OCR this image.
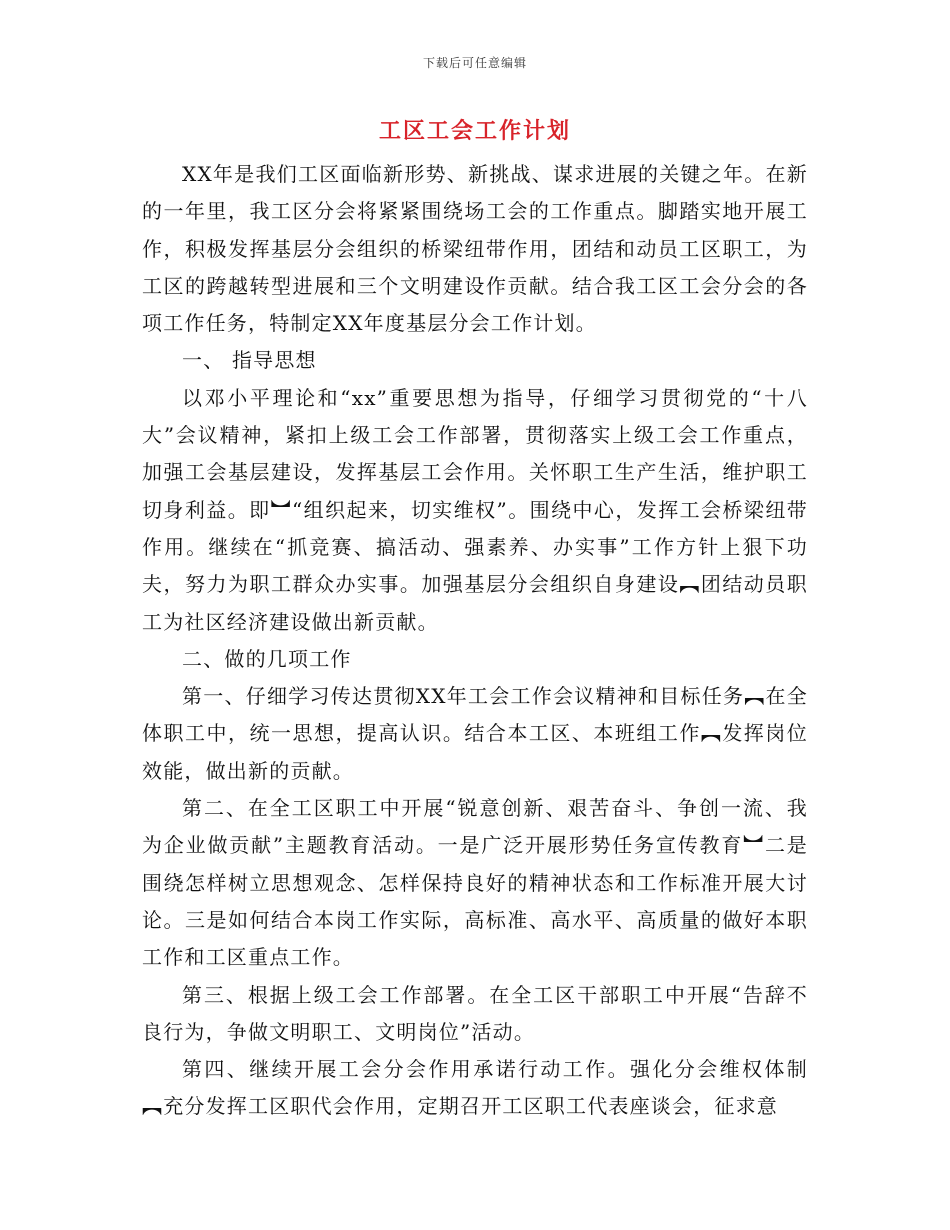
下载后可任意编辑
工区工会工作计划

XX年是我们工区面临新形势、新挑战、谋求进展的关键之年。在新的一年里，我工区分会将紧紧围绕场工会的工作重点。脚踏实地开展工作，积极发挥基层分会组织的桥梁纽带作用，团结和动员工区职工，为工区的跨越转型进展和三个文明建设作贡献。结合我工区工会分会的各项工作任务，特制定XX年度基层分会工作计划。

一、 指导思想

以邓小平理论和“xx”重要思想为指导，仔细学习贯彻党的“十八大”会议精神，紧扣上级工会工作部署，贯彻落实上级工会工作重点，加强工会基层建设，发挥基层工会作用。关怀职工生产生活，维护职工切身利益。即︼“组织起来，切实维权”。围绕中心，发挥工会桥梁纽带作用。继续在“抓竞赛、搞活动、强素养、办实事”工作方针上狠下功夫，努力为职工群众办实事。加强基层分会组织自身建设︻团结动员职工为社区经济建设做出新贡献。

二、做的几项工作

第一、仔细学习传达贯彻XX年工会工作会议精神和目标任务︻在全体职工中，统一思想，提高认识。结合本工区、本班组工作︻发挥岗位效能，做出新的贡献。

第二、在全工区职工中开展“锐意创新、艰苦奋斗、争创一流、我为企业做贡献”主题教育活动。一是广泛开展形势任务宣传教育︼二是围绕怎样树立思想观念、怎样保持良好的精神状态和工作标准开展大讨论。三是如何结合本岗工作实际，高标准、高水平、高质量的做好本职工作和工区重点工作。

第三、根据上级工会工作部署。在全工区干部职工中开展“告辞不良行为，争做文明职工、文明岗位”活动。

第四、继续开展工会分会作用承诺行动工作。强化分会维权体制︻充分发挥工区职代会作用，定期召开工区职工代表座谈会，征求意
